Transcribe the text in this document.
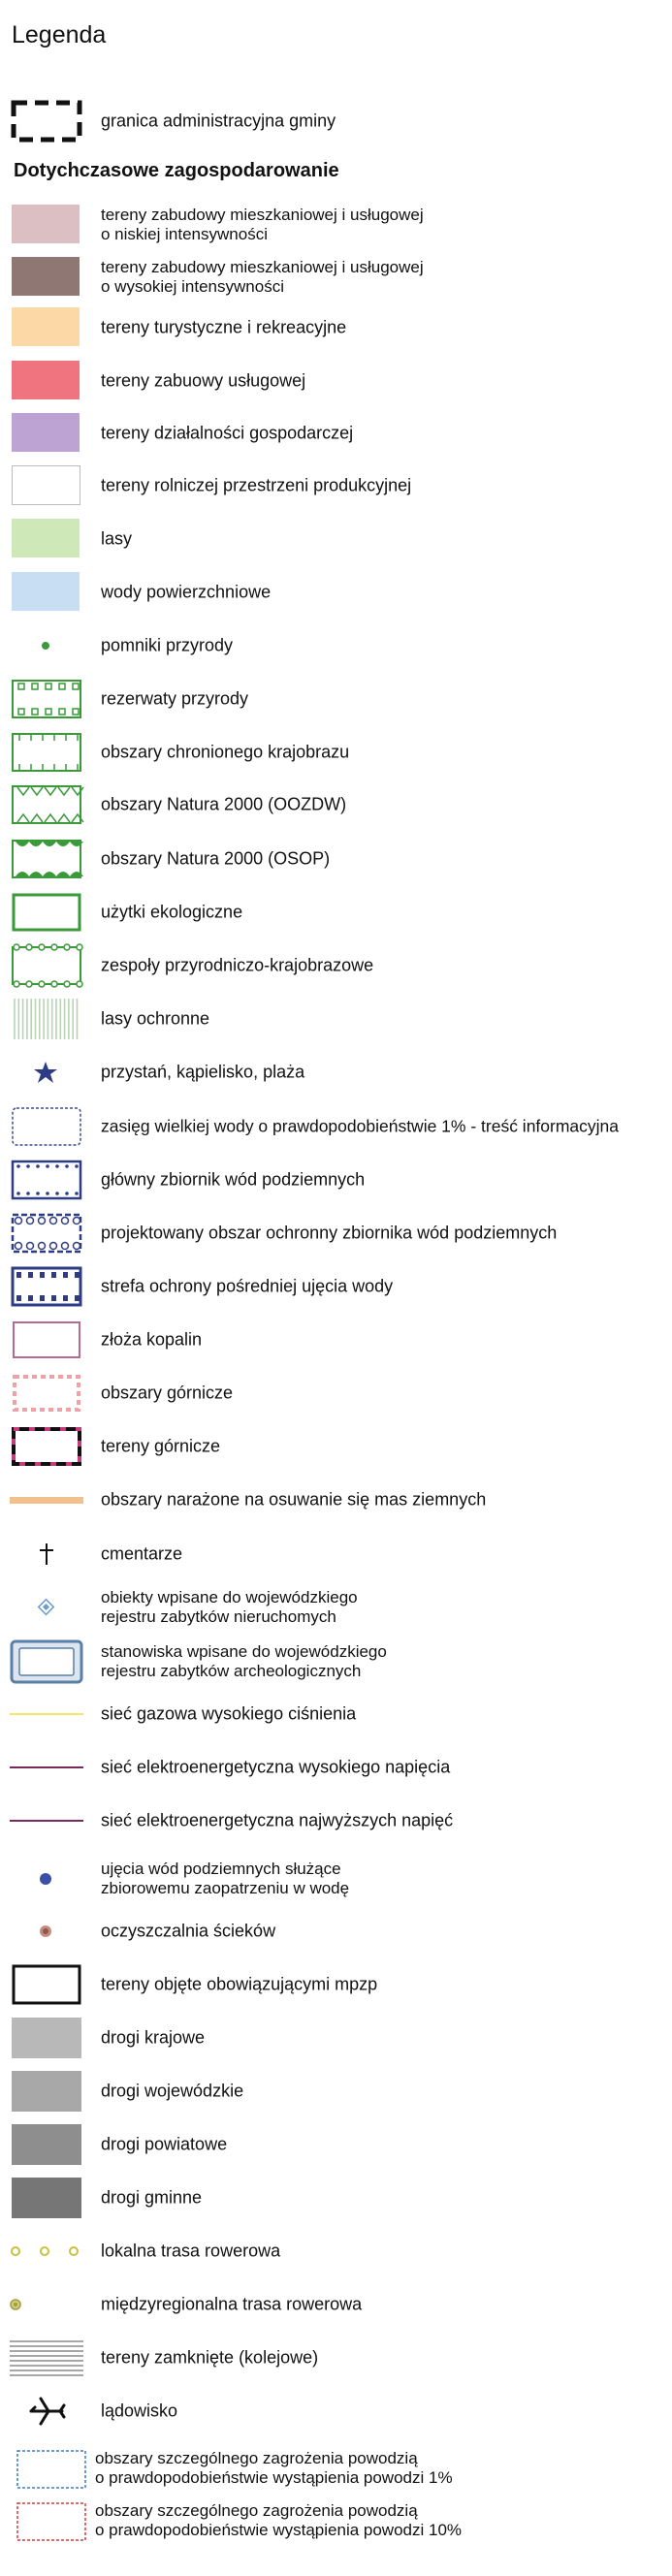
Legenda
Dotychczasowe zagospodarowanie
granica administracyjna gminy
tereny zabudowy mieszkaniowej i usługowej
o niskiej intensywności
tereny zabudowy mieszkaniowej i usługowej
o wysokiej intensywności
tereny turystyczne i rekreacyjne
tereny zabuowy usługowej
tereny działalności gospodarczej
tereny rolniczej przestrzeni produkcyjnej
lasy
wody powierzchniowe
pomniki przyrody
rezerwaty przyrody
obszary chronionego krajobrazu
obszary Natura 2000 (OOZDW)
obszary Natura 2000 (OSOP)
użytki ekologiczne
zespoły przyrodniczo-krajobrazowe
lasy ochronne
przystań, kąpielisko, plaża
zasięg wielkiej wody o prawdopodobieństwie 1% - treść informacyjna
główny zbiornik wód podziemnych
projektowany obszar ochronny zbiornika wód podziemnych
strefa ochrony pośredniej ujęcia wody
złoża kopalin
obszary górnicze
tereny górnicze
obszary narażone na osuwanie się mas ziemnych
cmentarze
obiekty wpisane do wojewódzkiego
rejestru zabytków nieruchomych
stanowiska wpisane do wojewódzkiego
rejestru zabytków archeologicznych
sieć gazowa wysokiego ciśnienia
sieć elektroenergetyczna wysokiego napięcia
sieć elektroenergetyczna najwyższych napięć
ujęcia wód podziemnych służące
zbiorowemu zaopatrzeniu w wodę
oczyszczalnia ścieków
tereny objęte obowiązującymi mpzp
drogi krajowe
drogi wojewódzkie
drogi powiatowe
drogi gminne
lokalna trasa rowerowa
międzyregionalna trasa rowerowa
tereny zamknięte (kolejowe)
lądowisko
obszary szczególnego zagrożenia powodzią
o prawdopodobieństwie wystąpienia powodzi 1%
obszary szczególnego zagrożenia powodzią
o prawdopodobieństwie wystąpienia powodzi 10%
